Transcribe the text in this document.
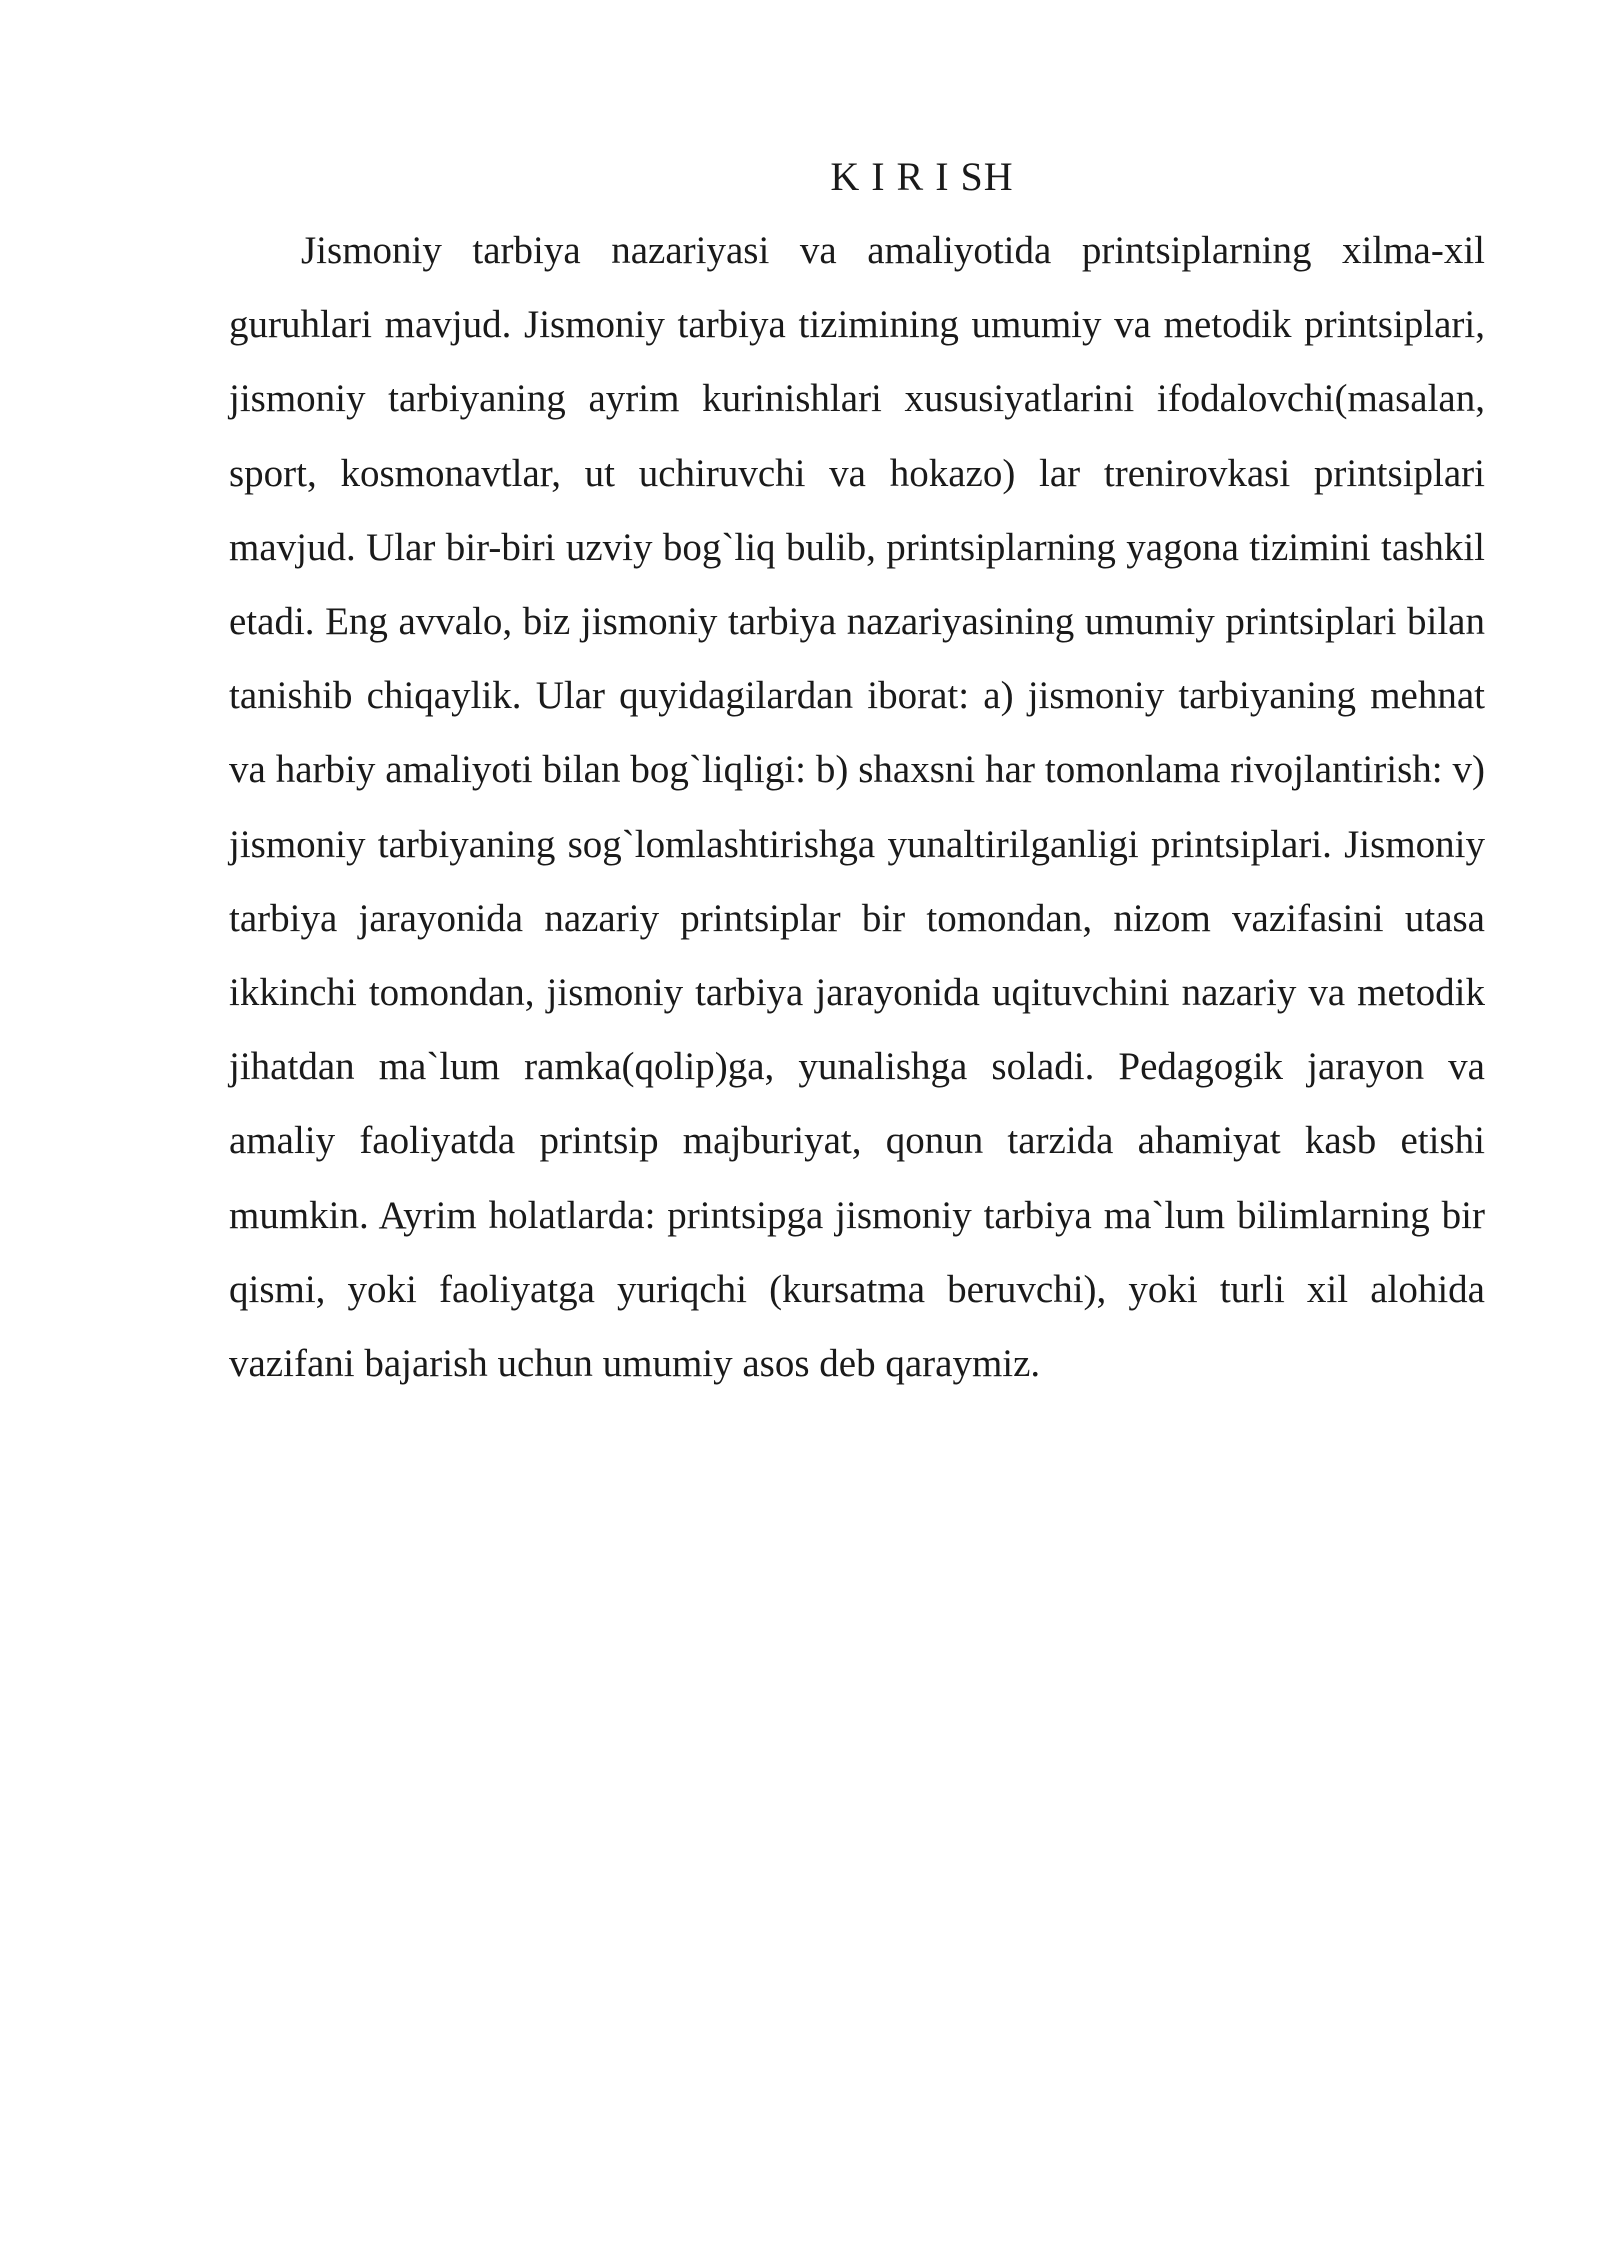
K I R I SH

Jismoniy tarbiya nazariyasi va amaliyotida printsiplarning xilma-xil guruhlari mavjud. Jismoniy tarbiya tizimining umumiy va metodik printsiplari, jismoniy tarbiyaning ayrim kurinishlari xususiyatlarini ifodalovchi(masalan, sport, kosmonavtlar, ut uchiruvchi va hokazo) lar trenirovkasi printsiplari mavjud. Ular bir-biri uzviy bog`liq bulib, printsiplarning yagona tizimini tashkil etadi. Eng avvalo, biz jismoniy tarbiya nazariyasining umumiy printsiplari bilan tanishib chiqaylik. Ular quyidagilardan iborat: a) jismoniy tarbiyaning mehnat va harbiy amaliyoti bilan bog`liqligi: b) shaxsni har tomonlama rivojlantirish: v) jismoniy tarbiyaning sog`lomlashtirishga yunaltirilganligi printsiplari. Jismoniy tarbiya jarayonida nazariy printsiplar bir tomondan, nizom vazifasini utasa ikkinchi tomondan, jismoniy tarbiya jarayonida uqituvchini nazariy va metodik jihatdan ma`lum ramka(qolip)ga, yunalishga soladi. Pedagogik jarayon va amaliy faoliyatda printsip majburiyat, qonun tarzida ahamiyat kasb etishi mumkin. Ayrim holatlarda: printsipga jismoniy tarbiya ma`lum bilimlarning bir qismi, yoki faoliyatga yuriqchi (kursatma beruvchi), yoki turli xil alohida vazifani bajarish uchun umumiy asos deb qaraymiz.
